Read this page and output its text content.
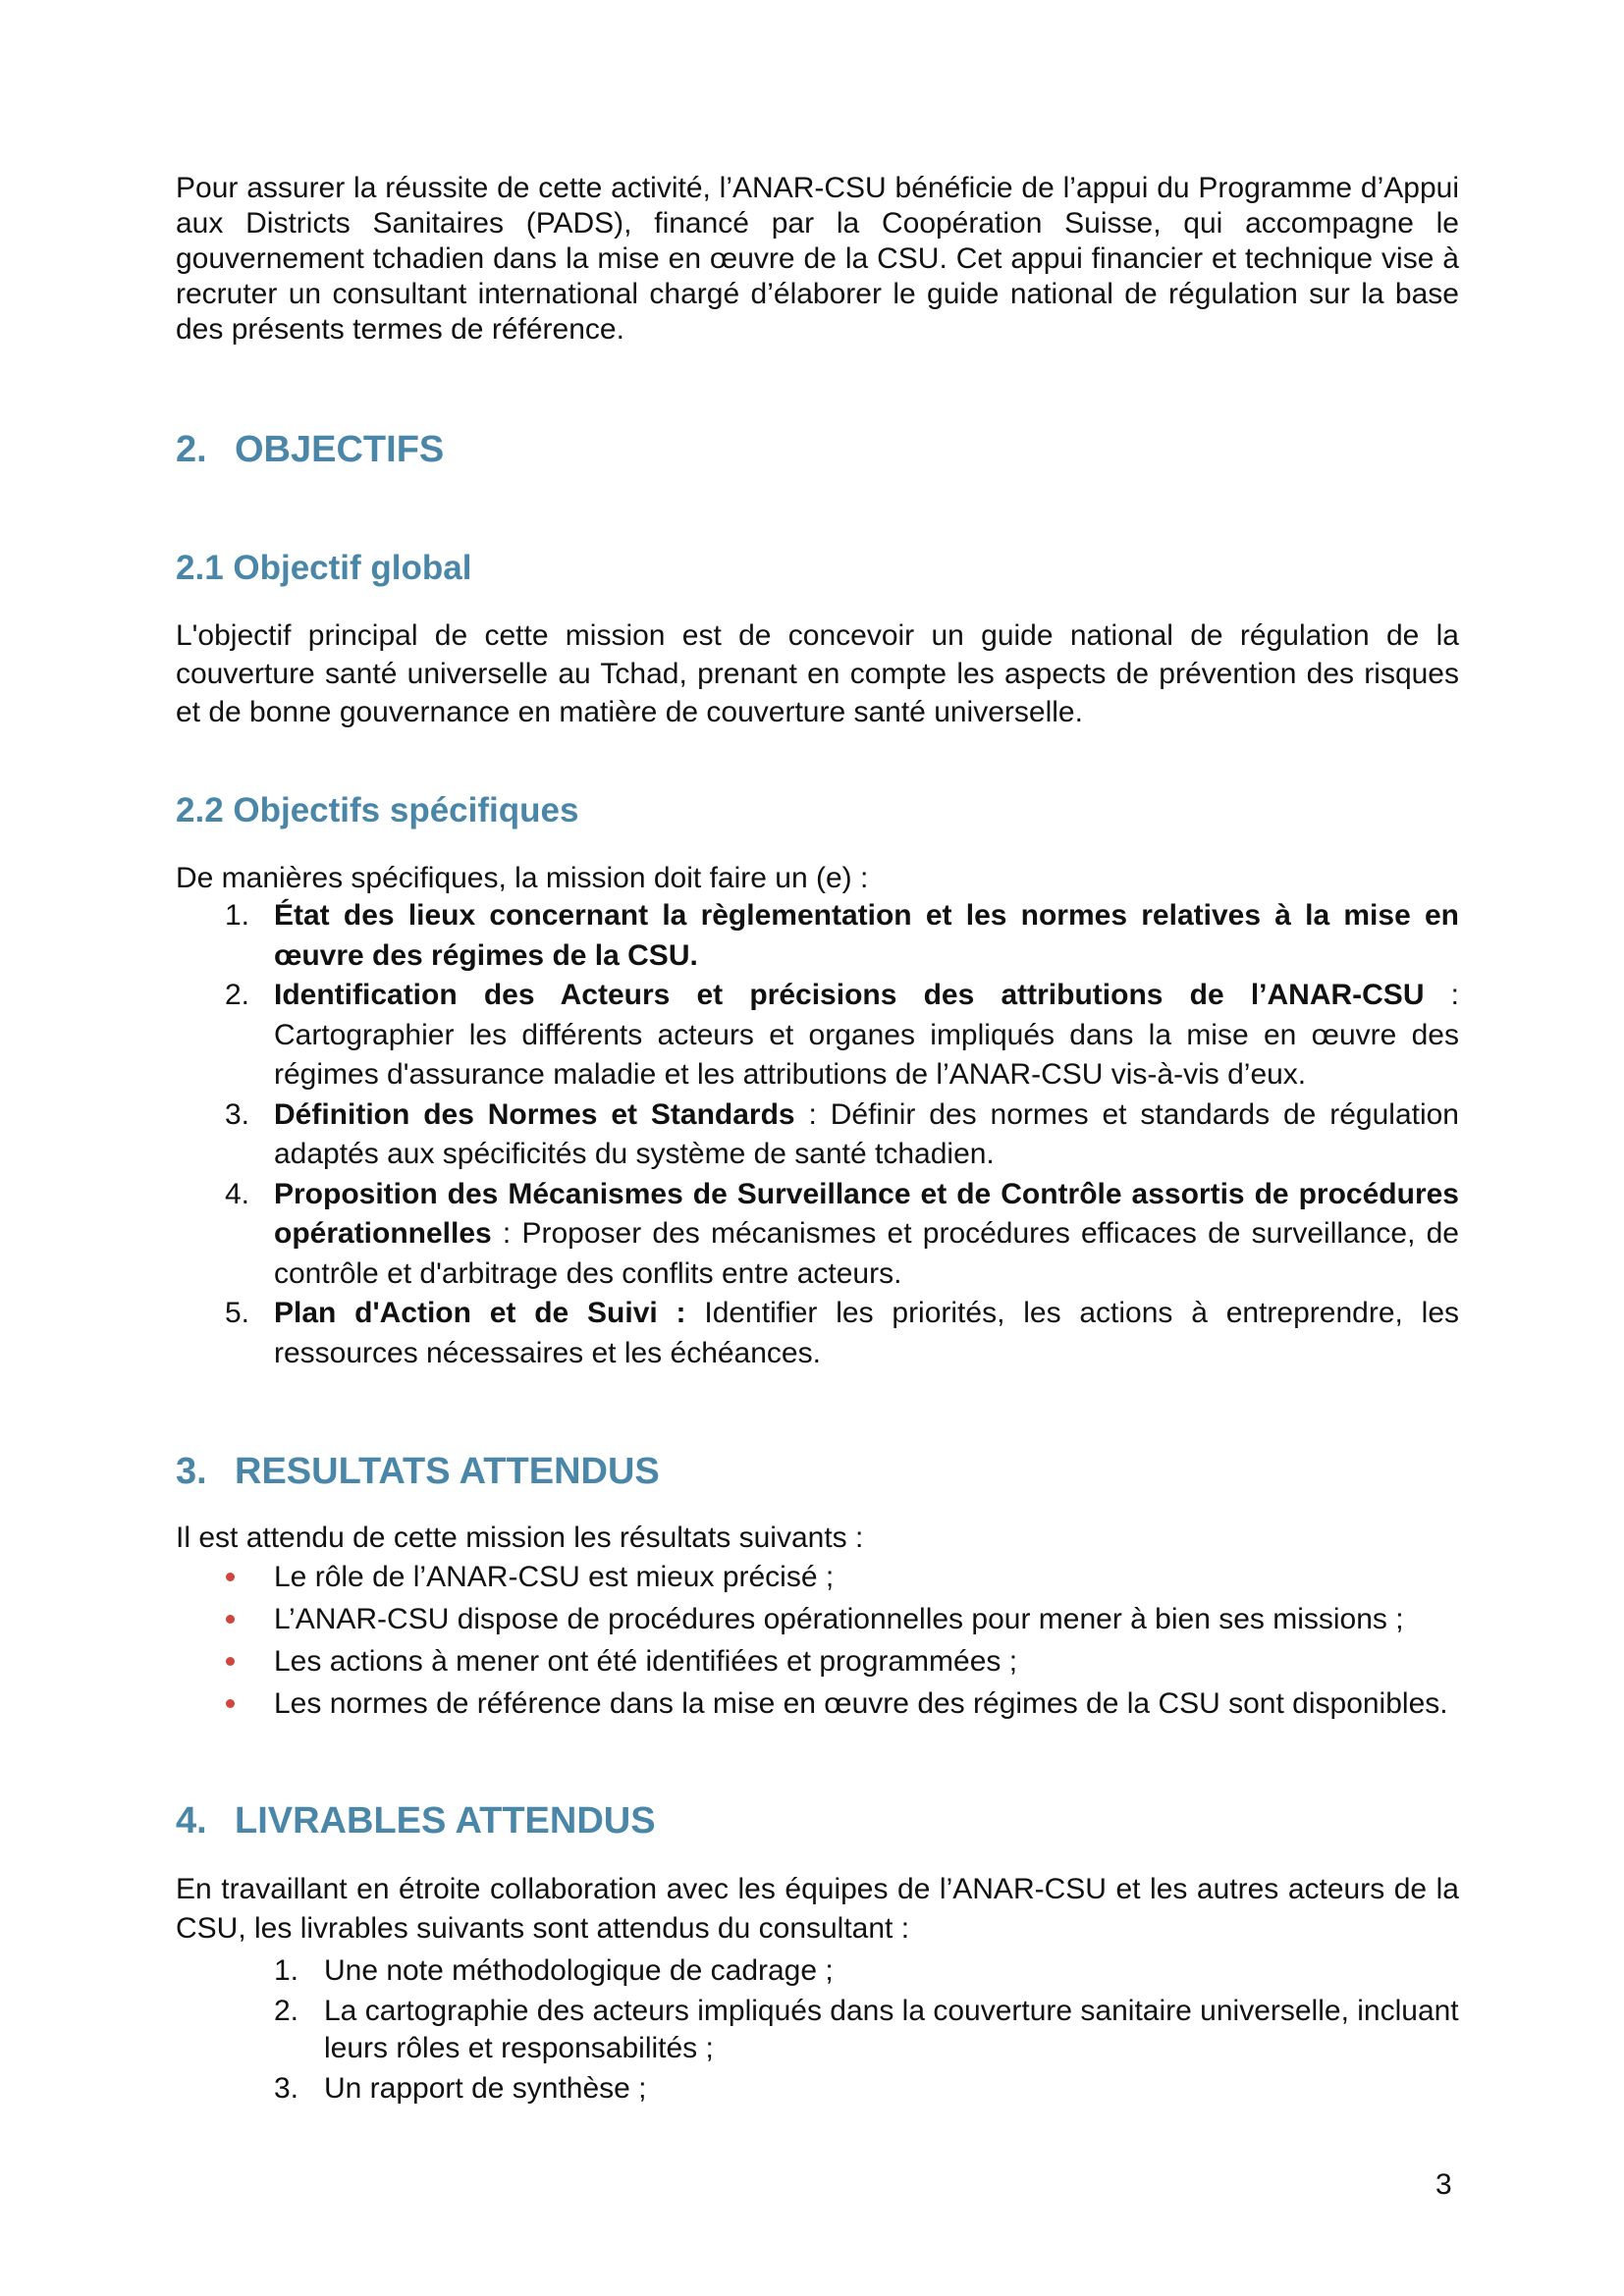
Pour assurer la réussite de cette activité, l’ANAR-CSU bénéficie de l’appui du Programme d’Appui aux Districts Sanitaires (PADS), financé par la Coopération Suisse, qui accompagne le gouvernement tchadien dans la mise en œuvre de la CSU. Cet appui financier et technique vise à recruter un consultant international chargé d’élaborer le guide national de régulation sur la base des présents termes de référence.

2. OBJECTIFS
2.1 Objectif global

L'objectif principal de cette mission est de concevoir un guide national de régulation de la couverture santé universelle au Tchad, prenant en compte les aspects de prévention des risques et de bonne gouvernance en matière de couverture santé universelle.

2.2 Objectifs spécifiques

De manières spécifiques, la mission doit faire un (e) :

1. État des lieux concernant la règlementation et les normes relatives à la mise en œuvre des régimes de la CSU.
2. Identification des Acteurs et précisions des attributions de l’ANAR-CSU : Cartographier les différents acteurs et organes impliqués dans la mise en œuvre des régimes d'assurance maladie et les attributions de l’ANAR-CSU vis-à-vis d’eux.
3. Définition des Normes et Standards : Définir des normes et standards de régulation adaptés aux spécificités du système de santé tchadien.
4. Proposition des Mécanismes de Surveillance et de Contrôle assortis de procédures opérationnelles : Proposer des mécanismes et procédures efficaces de surveillance, de contrôle et d'arbitrage des conflits entre acteurs.
5. Plan d'Action et de Suivi : Identifier les priorités, les actions à entreprendre, les ressources nécessaires et les échéances.
3. RESULTATS ATTENDUS

Il est attendu de cette mission les résultats suivants :

Le rôle de l’ANAR-CSU est mieux précisé ;
L’ANAR-CSU dispose de procédures opérationnelles pour mener à bien ses missions ;
Les actions à mener ont été identifiées et programmées ;
Les normes de référence dans la mise en œuvre des régimes de la CSU sont disponibles.
4. LIVRABLES ATTENDUS

En travaillant en étroite collaboration avec les équipes de l’ANAR-CSU et les autres acteurs de la CSU, les livrables suivants sont attendus du consultant :

1. Une note méthodologique de cadrage ;
2. La cartographie des acteurs impliqués dans la couverture sanitaire universelle, incluant leurs rôles et responsabilités ;
3. Un rapport de synthèse ;
3
